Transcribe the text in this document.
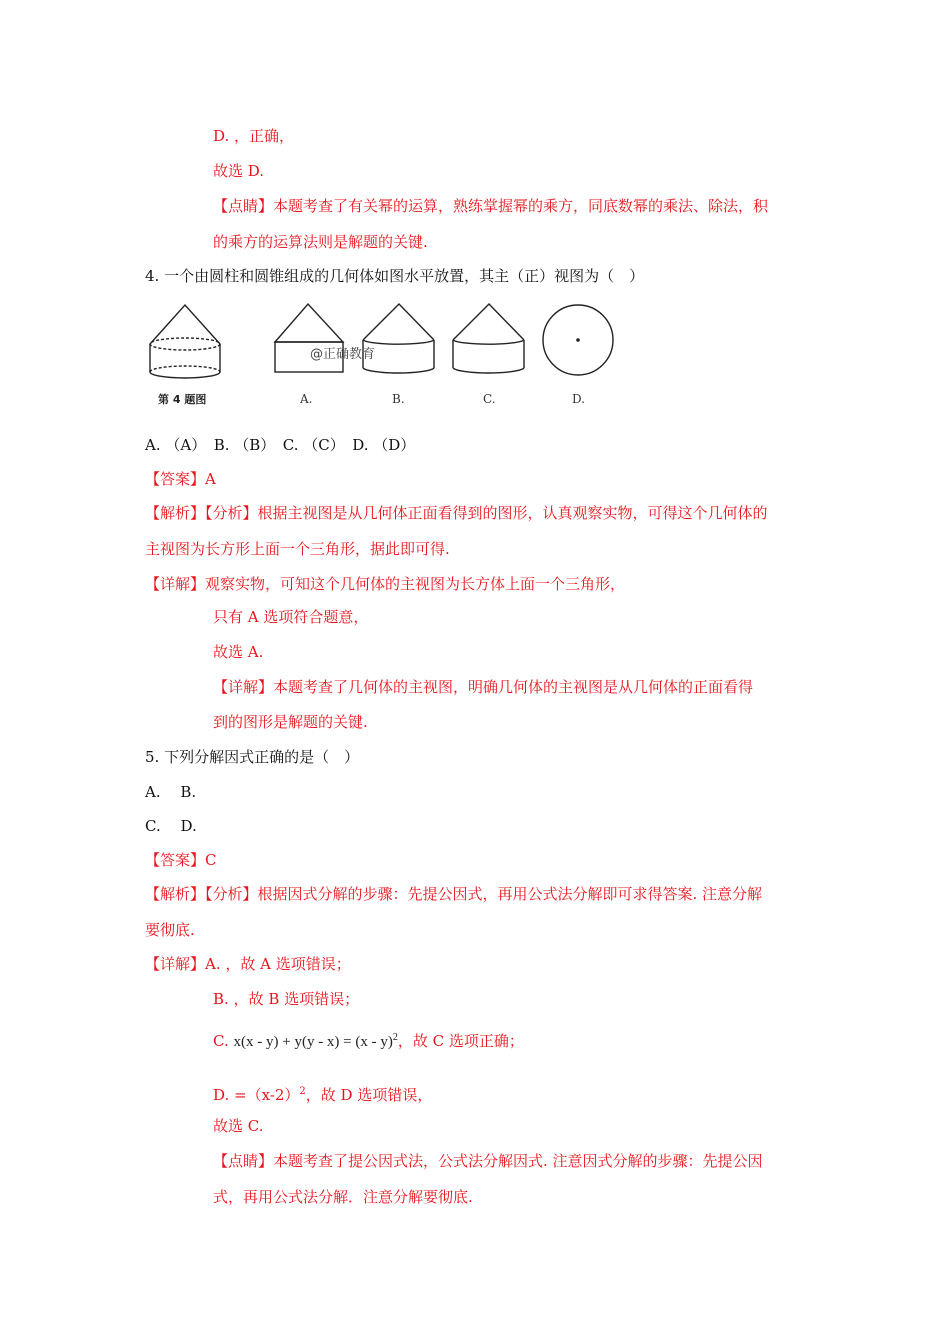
D. ，正确，
故选 D.
【点睛】本题考查了有关幂的运算，熟练掌握幂的乘方，同底数幂的乘法、除法，积
的乘方的运算法则是解题的关键.
4. 一个由圆柱和圆锥组成的几何体如图水平放置，其主（正）视图为（　）
@正确教育
第 4 题图	A.	B.	C.	D.
A. （A）　B. （B）　C. （C）　D. （D）
【答案】A
【解析】【分析】根据主视图是从几何体正面看得到的图形，认真观察实物，可得这个几何体的
主视图为长方形上面一个三角形，据此即可得.
【详解】观察实物，可知这个几何体的主视图为长方体上面一个三角形，
只有 A 选项符合题意，
故选 A.
【详解】本题考查了几何体的主视图，明确几何体的主视图是从几何体的正面看得
到的图形是解题的关键.
5. 下列分解因式正确的是（　）
A.　 B.
C.　 D.
【答案】C
【解析】【分析】根据因式分解的步骤：先提公因式，再用公式法分解即可求得答案. 注意分解
要彻底.
【详解】A. ，故 A 选项错误；
B. ，故 B 选项错误；
C. x(x - y) + y(y - x) = (x - y)$^2$，故 C 选项正确；
D. $=(x-2)^2$，故 D 选项错误，
故选 C.
【点睛】本题考查了提公因式法，公式法分解因式. 注意因式分解的步骤：先提公因
式，再用公式法分解．注意分解要彻底.
